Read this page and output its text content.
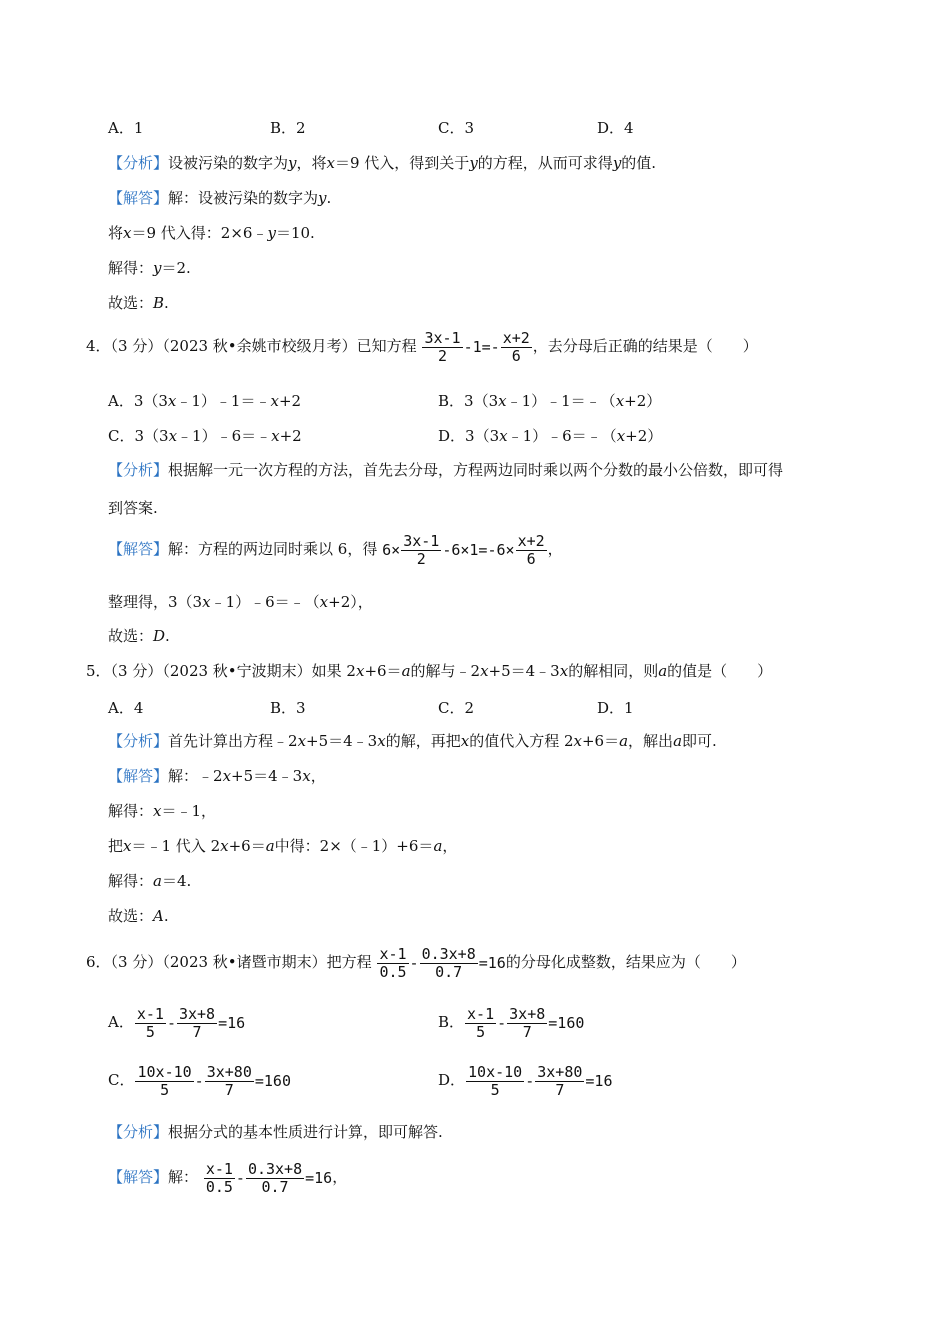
A．1	B．2	C．3	D．4
【分析】设被污染的数字为y，将x＝9 代入，得到关于y的方程，从而可求得y的值.
【解答】解：设被污染的数字为y.
将x＝9 代入得：2×6﹣y＝10.
解得：y＝2.
故选：B.
4．（3 分）（2023 秋•余姚市校级月考）已知方程 $\frac{3x-1}{2} -1=- \frac{x+2}{6}$ ，去分母后正确的结果是（　　）
A．3（3x﹣1）﹣1＝﹣x+2	B．3（3x﹣1）﹣1＝﹣（x+2）
C．3（3x﹣1）﹣6＝﹣x+2	D．3（3x﹣1）﹣6＝﹣（x+2）
【分析】根据解一元一次方程的方法，首先去分母，方程两边同时乘以两个分数的最小公倍数，即可得
到答案.
【解答】解：方程的两边同时乘以 6，得 $6\times \frac{3x-1}{2} -6\times 1=-6\times \frac{x+2}{6}$ ，
整理得，3（3x﹣1）﹣6＝﹣（x+2），
故选：D.
5．（3 分）（2023 秋•宁波期末）如果 2x+6＝a的解与﹣2x+5＝4﹣3x的解相同，则a的值是（　　）
A．4	B．3	C．2	D．1
【分析】首先计算出方程﹣2x+5＝4﹣3x的解，再把x的值代入方程 2x+6＝a，解出a即可.
【解答】解：﹣2x+5＝4﹣3x，
解得：x＝﹣1，
把x＝﹣1 代入 2x+6＝a中得：2×（﹣1）+6＝a，
解得：a＝4.
故选：A.
6．（3 分）（2023 秋•诸暨市期末）把方程 $\frac{x-1}{0.5} - \frac{0.3x+8}{0.7} =16$的分母化成整数，结果应为（　　）
A． $\frac{x-1}{5} - \frac{3x+8}{7} =16$	B． $\frac{x-1}{5} - \frac{3x+8}{7} =160$
C． $\frac{10x-10}{5} - \frac{3x+80}{7} =160$	D． $\frac{10x-10}{5} - \frac{3x+80}{7} =16$
【分析】根据分式的基本性质进行计算，即可解答.
【解答】解： $\frac{x-1}{0.5} - \frac{0.3x+8}{0.7} =16$，
